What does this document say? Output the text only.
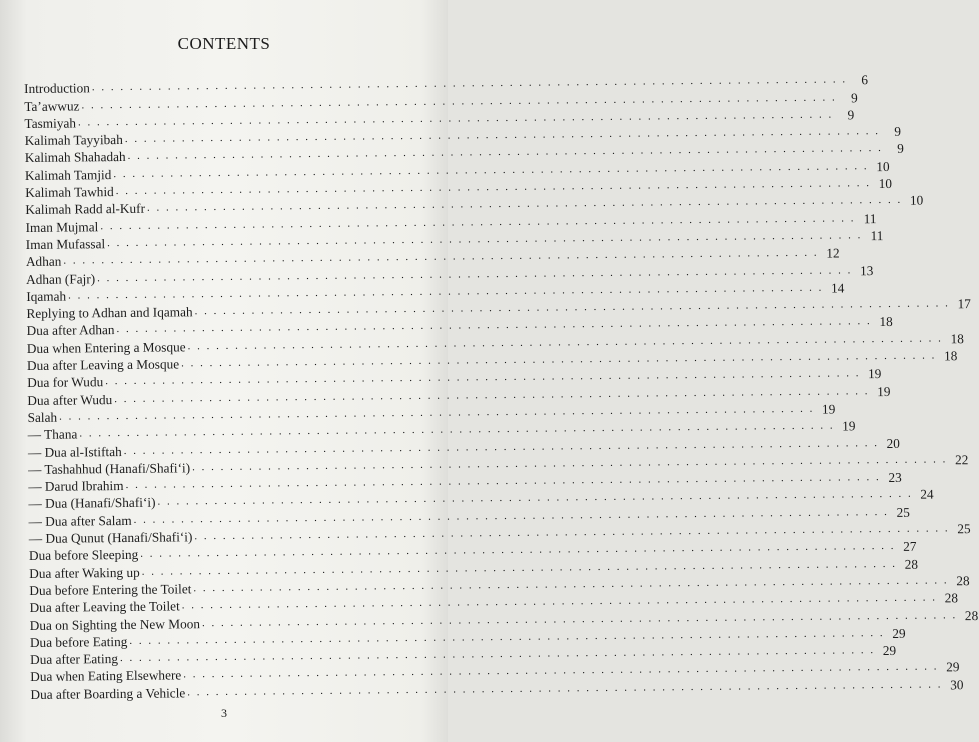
CONTENTS
Introduction . . . . . . . . . . . . . . . . . . . . . . . . . . . . . . . . . . . . . . . . . . . . . . . . . . . . . . . . . . . . . . . . . . . . . . . . . . . . . . . .	6
Ta’awwuz . . . . . . . . . . . . . . . . . . . . . . . . . . . . . . . . . . . . . . . . . . . . . . . . . . . . . . . . . . . . . . . . . . . . . . . . . . . . . . . .	9
Tasmiyah . . . . . . . . . . . . . . . . . . . . . . . . . . . . . . . . . . . . . . . . . . . . . . . . . . . . . . . . . . . . . . . . . . . . . . . . . . . . . . . .	9
Kalimah Tayyibah . . . . . . . . . . . . . . . . . . . . . . . . . . . . . . . . . . . . . . . . . . . . . . . . . . . . . . . . . . . . . . . . . . . . . . . . . . . . . . . .	9
Kalimah Shahadah . . . . . . . . . . . . . . . . . . . . . . . . . . . . . . . . . . . . . . . . . . . . . . . . . . . . . . . . . . . . . . . . . . . . . . . . . . . . . . . .	9
Kalimah Tamjid . . . . . . . . . . . . . . . . . . . . . . . . . . . . . . . . . . . . . . . . . . . . . . . . . . . . . . . . . . . . . . . . . . . . . . . . . . . . . . . . 10
Kalimah Tawhid . . . . . . . . . . . . . . . . . . . . . . . . . . . . . . . . . . . . . . . . . . . . . . . . . . . . . . . . . . . . . . . . . . . . . . . . . . . . . . . . 10
Kalimah Radd al-Kufr . . . . . . . . . . . . . . . . . . . . . . . . . . . . . . . . . . . . . . . . . . . . . . . . . . . . . . . . . . . . . . . . . . . . . . . . . . . . . . . . 10
Iman Mujmal . . . . . . . . . . . . . . . . . . . . . . . . . . . . . . . . . . . . . . . . . . . . . . . . . . . . . . . . . . . . . . . . . . . . . . . . . . . . . . . . 11
Iman Mufassal . . . . . . . . . . . . . . . . . . . . . . . . . . . . . . . . . . . . . . . . . . . . . . . . . . . . . . . . . . . . . . . . . . . . . . . . . . . . . . . . 11
Adhan . . . . . . . . . . . . . . . . . . . . . . . . . . . . . . . . . . . . . . . . . . . . . . . . . . . . . . . . . . . . . . . . . . . . . . . . . . . . . . . . 12
Adhan (Fajr) . . . . . . . . . . . . . . . . . . . . . . . . . . . . . . . . . . . . . . . . . . . . . . . . . . . . . . . . . . . . . . . . . . . . . . . . . . . . . . . . 13
Iqamah . . . . . . . . . . . . . . . . . . . . . . . . . . . . . . . . . . . . . . . . . . . . . . . . . . . . . . . . . . . . . . . . . . . . . . . . . . . . . . . . 14
Replying to Adhan and Iqamah . . . . . . . . . . . . . . . . . . . . . . . . . . . . . . . . . . . . . . . . . . . . . . . . . . . . . . . . . . . . . . . . . . . . . . . . . . . . . . . . 17
Dua after Adhan . . . . . . . . . . . . . . . . . . . . . . . . . . . . . . . . . . . . . . . . . . . . . . . . . . . . . . . . . . . . . . . . . . . . . . . . . . . . . . . . 18
Dua when Entering a Mosque . . . . . . . . . . . . . . . . . . . . . . . . . . . . . . . . . . . . . . . . . . . . . . . . . . . . . . . . . . . . . . . . . . . . . . . . . . . . . . . . 18
Dua after Leaving a Mosque . . . . . . . . . . . . . . . . . . . . . . . . . . . . . . . . . . . . . . . . . . . . . . . . . . . . . . . . . . . . . . . . . . . . . . . . . . . . . . . . 18
Dua for Wudu . . . . . . . . . . . . . . . . . . . . . . . . . . . . . . . . . . . . . . . . . . . . . . . . . . . . . . . . . . . . . . . . . . . . . . . . . . . . . . . . 19
Dua after Wudu . . . . . . . . . . . . . . . . . . . . . . . . . . . . . . . . . . . . . . . . . . . . . . . . . . . . . . . . . . . . . . . . . . . . . . . . . . . . . . . . 19
Salah . . . . . . . . . . . . . . . . . . . . . . . . . . . . . . . . . . . . . . . . . . . . . . . . . . . . . . . . . . . . . . . . . . . . . . . . . . . . . . . . 19
— Thana . . . . . . . . . . . . . . . . . . . . . . . . . . . . . . . . . . . . . . . . . . . . . . . . . . . . . . . . . . . . . . . . . . . . . . . . . . . . . . . . 19
— Dua al-Istiftah . . . . . . . . . . . . . . . . . . . . . . . . . . . . . . . . . . . . . . . . . . . . . . . . . . . . . . . . . . . . . . . . . . . . . . . . . . . . . . . . 20
— Tashahhud (Hanafi/Shafi‘i) . . . . . . . . . . . . . . . . . . . . . . . . . . . . . . . . . . . . . . . . . . . . . . . . . . . . . . . . . . . . . . . . . . . . . . . . . . . . . . . . 22
— Darud Ibrahim . . . . . . . . . . . . . . . . . . . . . . . . . . . . . . . . . . . . . . . . . . . . . . . . . . . . . . . . . . . . . . . . . . . . . . . . . . . . . . . . 23
— Dua (Hanafi/Shafi‘i) . . . . . . . . . . . . . . . . . . . . . . . . . . . . . . . . . . . . . . . . . . . . . . . . . . . . . . . . . . . . . . . . . . . . . . . . . . . . . . . . 24
— Dua after Salam . . . . . . . . . . . . . . . . . . . . . . . . . . . . . . . . . . . . . . . . . . . . . . . . . . . . . . . . . . . . . . . . . . . . . . . . . . . . . . . . 25
— Dua Qunut (Hanafi/Shafi‘i) . . . . . . . . . . . . . . . . . . . . . . . . . . . . . . . . . . . . . . . . . . . . . . . . . . . . . . . . . . . . . . . . . . . . . . . . . . . . . . . . 25
Dua before Sleeping . . . . . . . . . . . . . . . . . . . . . . . . . . . . . . . . . . . . . . . . . . . . . . . . . . . . . . . . . . . . . . . . . . . . . . . . . . . . . . . . 27
Dua after Waking up . . . . . . . . . . . . . . . . . . . . . . . . . . . . . . . . . . . . . . . . . . . . . . . . . . . . . . . . . . . . . . . . . . . . . . . . . . . . . . . . 28
Dua before Entering the Toilet . . . . . . . . . . . . . . . . . . . . . . . . . . . . . . . . . . . . . . . . . . . . . . . . . . . . . . . . . . . . . . . . . . . . . . . . . . . . . . . . 28
Dua after Leaving the Toilet . . . . . . . . . . . . . . . . . . . . . . . . . . . . . . . . . . . . . . . . . . . . . . . . . . . . . . . . . . . . . . . . . . . . . . . . . . . . . . . . 28
Dua on Sighting the New Moon . . . . . . . . . . . . . . . . . . . . . . . . . . . . . . . . . . . . . . . . . . . . . . . . . . . . . . . . . . . . . . . . . . . . . . . . . . . . . . . . 28
Dua before Eating . . . . . . . . . . . . . . . . . . . . . . . . . . . . . . . . . . . . . . . . . . . . . . . . . . . . . . . . . . . . . . . . . . . . . . . . . . . . . . . . 29
Dua after Eating . . . . . . . . . . . . . . . . . . . . . . . . . . . . . . . . . . . . . . . . . . . . . . . . . . . . . . . . . . . . . . . . . . . . . . . . . . . . . . . . 29
Dua when Eating Elsewhere . . . . . . . . . . . . . . . . . . . . . . . . . . . . . . . . . . . . . . . . . . . . . . . . . . . . . . . . . . . . . . . . . . . . . . . . . . . . . . . . 29
Dua after Boarding a Vehicle . . . . . . . . . . . . . . . . . . . . . . . . . . . . . . . . . . . . . . . . . . . . . . . . . . . . . . . . . . . . . . . . . . . . . . . . . . . . . . . . 30
3
